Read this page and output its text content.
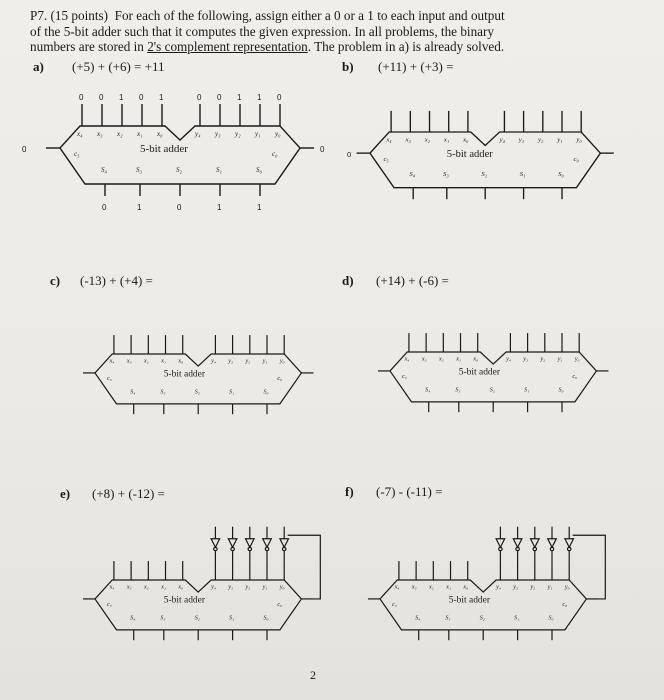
P7. (15 points) For each of the following, assign either a 0 or a 1 to each input and output
of the 5-bit adder such that it computes the given expression. In all problems, the binary
numbers are stored in 2's complement representation. The problem in a) is already solved.
a) (+5) + (+6) = +11	b) (+11) + (+3) =
c) (-13) + (+4) =	d) (+14) + (-6) =
e) (+8) + (-12) =	f) (-7) - (-11) =
x₄ x₃ x₂ x₁ x₀	y₄ y₃ y₂ y₁ y₀
5-bit adder
c₅	c₀
S₄	S₃	S₂	S₁	S₀
0 0 1 0 1	0 0 1 1 0
0	1	0	1	1
0	0
x₄ x₃ x₂ x₁ x₀	y₄ y₃ y₂ y₁ y₀
5-bit adder
c₅	c₀
S₄	S₃	S₂	S₁	S₀
0
x₄ x₃ x₂ x₁ x₀	y₄ y₃ y₂ y₁ y₀
5-bit adder
c₅	c₀
S₄	S₃	S₂	S₁	S₀
x₄ x₃ x₂ x₁ x₀	y₄ y₃ y₂ y₁ y₀
5-bit adder
c₅	c₀
S₄	S₃	S₂	S₁	S₀
x₄ x₃ x₂ x₁ x₀	y₄ y₃ y₂ y₁ y₀
5-bit adder
c₅	c₀
S₄	S₃	S₂	S₁	S₀
x₄ x₃ x₂ x₁ x₀	y₄ y₃ y₂ y₁ y₀
5-bit adder
c₅	c₀
S₄	S₃	S₂	S₁	S₀
2
